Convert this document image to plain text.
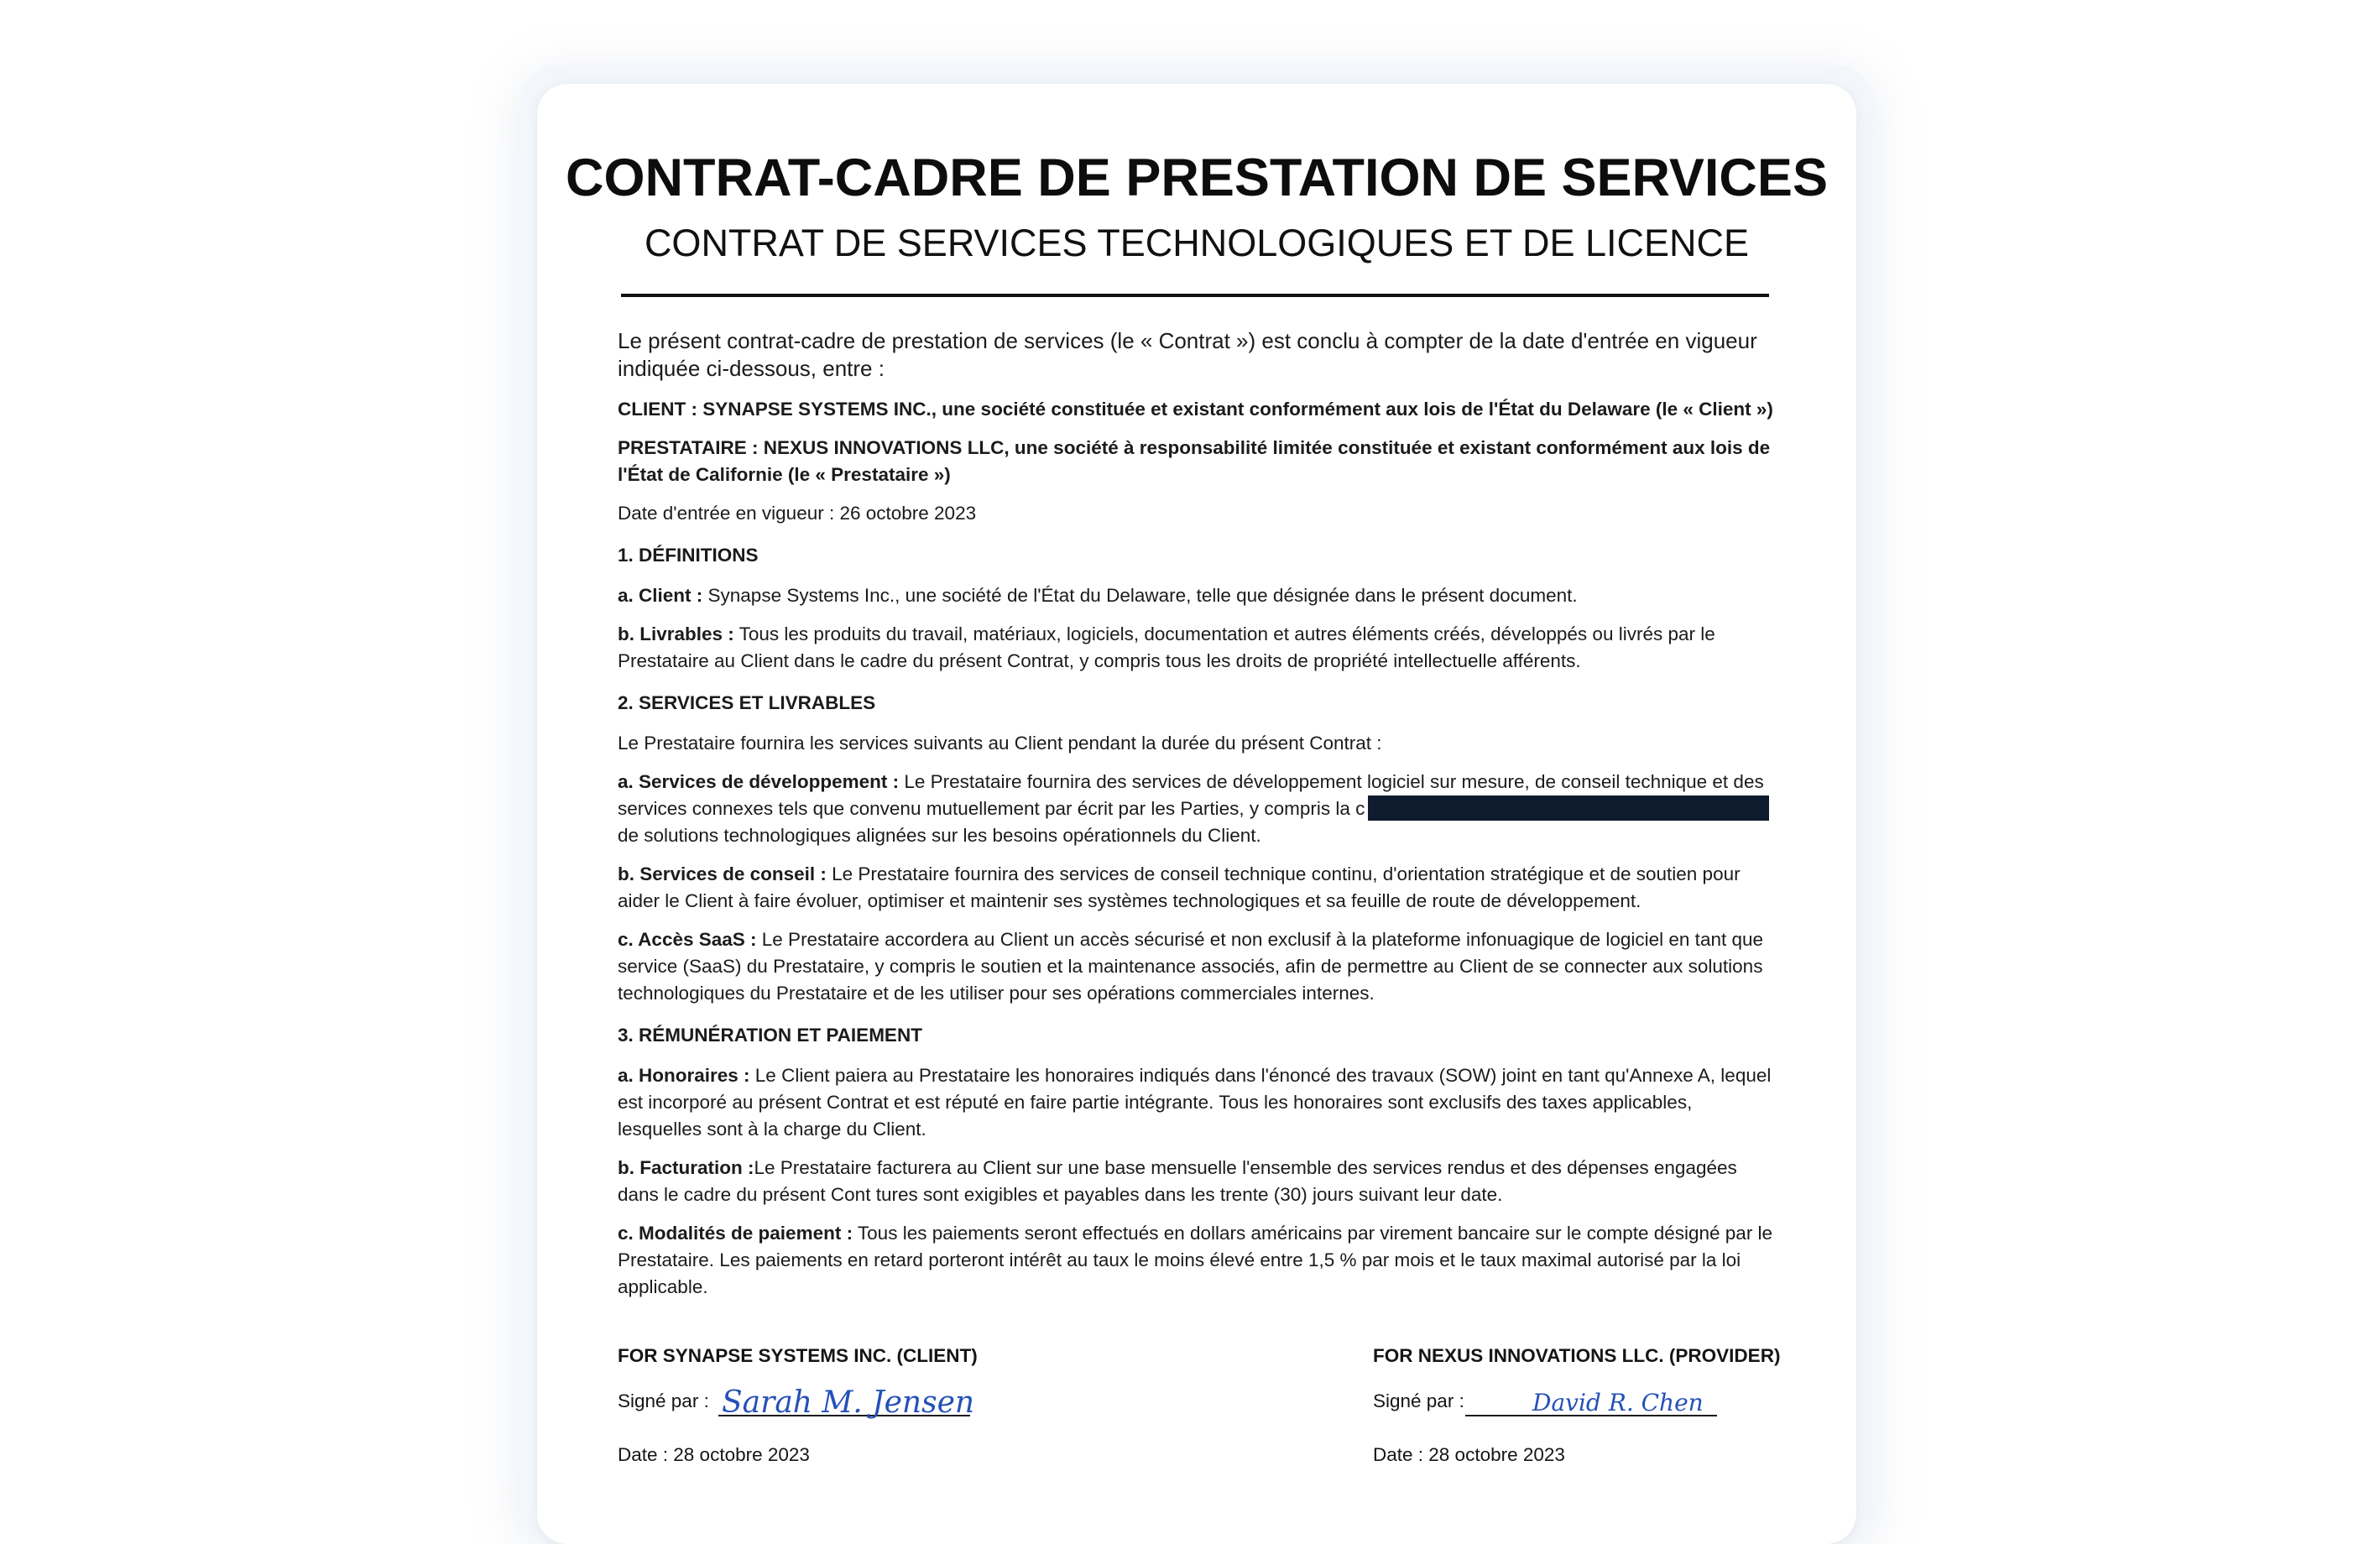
CONTRAT-CADRE DE PRESTATION DE SERVICES
CONTRAT DE SERVICES TECHNOLOGIQUES ET DE LICENCE

Le présent contrat-cadre de prestation de services (le « Contrat ») est conclu à compter de la date d'entrée en vigueur indiquée ci-dessous, entre :

CLIENT : SYNAPSE SYSTEMS INC., une société constituée et existant conformément aux lois de l'État du Delaware (le « Client »)

PRESTATAIRE : NEXUS INNOVATIONS LLC, une société à responsabilité limitée constituée et existant conformément aux lois de l'État de Californie (le « Prestataire »)

Date d'entrée en vigueur : 26 octobre 2023

1. DÉFINITIONS

a. Client : Synapse Systems Inc., une société de l'État du Delaware, telle que désignée dans le présent document.

b. Livrables : Tous les produits du travail, matériaux, logiciels, documentation et autres éléments créés, développés ou livrés par le Prestataire au Client dans le cadre du présent Contrat, y compris tous les droits de propriété intellectuelle afférents.

2. SERVICES ET LIVRABLES

Le Prestataire fournira les services suivants au Client pendant la durée du présent Contrat :

a. Services de développement : Le Prestataire fournira des services de développement logiciel sur mesure, de conseil technique et des services connexes tels que convenu mutuellement par écrit par les Parties, y compris la cde solutions technologiques alignées sur les besoins opérationnels du Client.

b. Services de conseil : Le Prestataire fournira des services de conseil technique continu, d'orientation stratégique et de soutien pour aider le Client à faire évoluer, optimiser et maintenir ses systèmes technologiques et sa feuille de route de développement.

c. Accès SaaS : Le Prestataire accordera au Client un accès sécurisé et non exclusif à la plateforme infonuagique de logiciel en tant que service (SaaS) du Prestataire, y compris le soutien et la maintenance associés, afin de permettre au Client de se connecter aux solutions technologiques du Prestataire et de les utiliser pour ses opérations commerciales internes.

3. RÉMUNÉRATION ET PAIEMENT

a. Honoraires : Le Client paiera au Prestataire les honoraires indiqués dans l'énoncé des travaux (SOW) joint en tant qu'Annexe A, lequel est incorporé au présent Contrat et est réputé en faire partie intégrante. Tous les honoraires sont exclusifs des taxes applicables, lesquelles sont à la charge du Client.

b. Facturation :Le Prestataire facturera au Client sur une base mensuelle l'ensemble des services rendus et des dépenses engagées dans le cadre du présent Cont tures sont exigibles et payables dans les trente (30) jours suivant leur date.

c. Modalités de paiement : Tous les paiements seront effectués en dollars américains par virement bancaire sur le compte désigné par le Prestataire. Les paiements en retard porteront intérêt au taux le moins élevé entre 1,5 % par mois et le taux maximal autorisé par la loi applicable.

FOR SYNAPSE SYSTEMS INC. (CLIENT)
Signé par : Sarah M. Jensen
Date : 28 octobre 2023
FOR NEXUS INNOVATIONS LLC. (PROVIDER)
Signé par :	David R. Chen
Date : 28 octobre 2023
